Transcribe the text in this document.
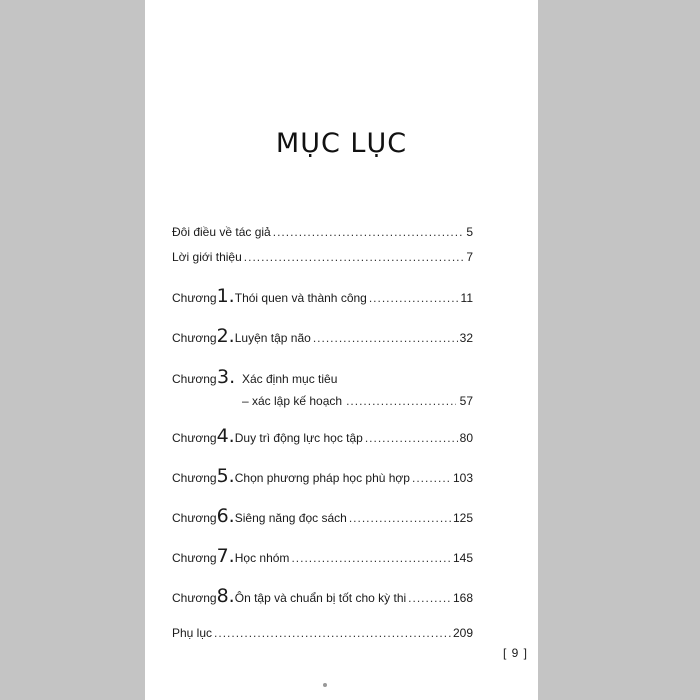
MỤC LỤC
Đôi điều về tác giả .....	5
Lời giới thiệu .....	7
Chương 1. Thói quen và thành công .....	11
Chương 2. Luyện tập não .....	32
Chương 3. Xác định mục tiêu
– xác lập kế hoạch .....	57
Chương 4. Duy trì động lực học tập .....	80
Chương 5. Chọn phương pháp học phù hợp .....	103
Chương 6. Siêng năng đọc sách .....	125
Chương 7. Học nhóm .....	145
Chương 8. Ôn tập và chuẩn bị tốt cho kỳ thi .....	168
Phụ lục .....	209
[ 9 ]
